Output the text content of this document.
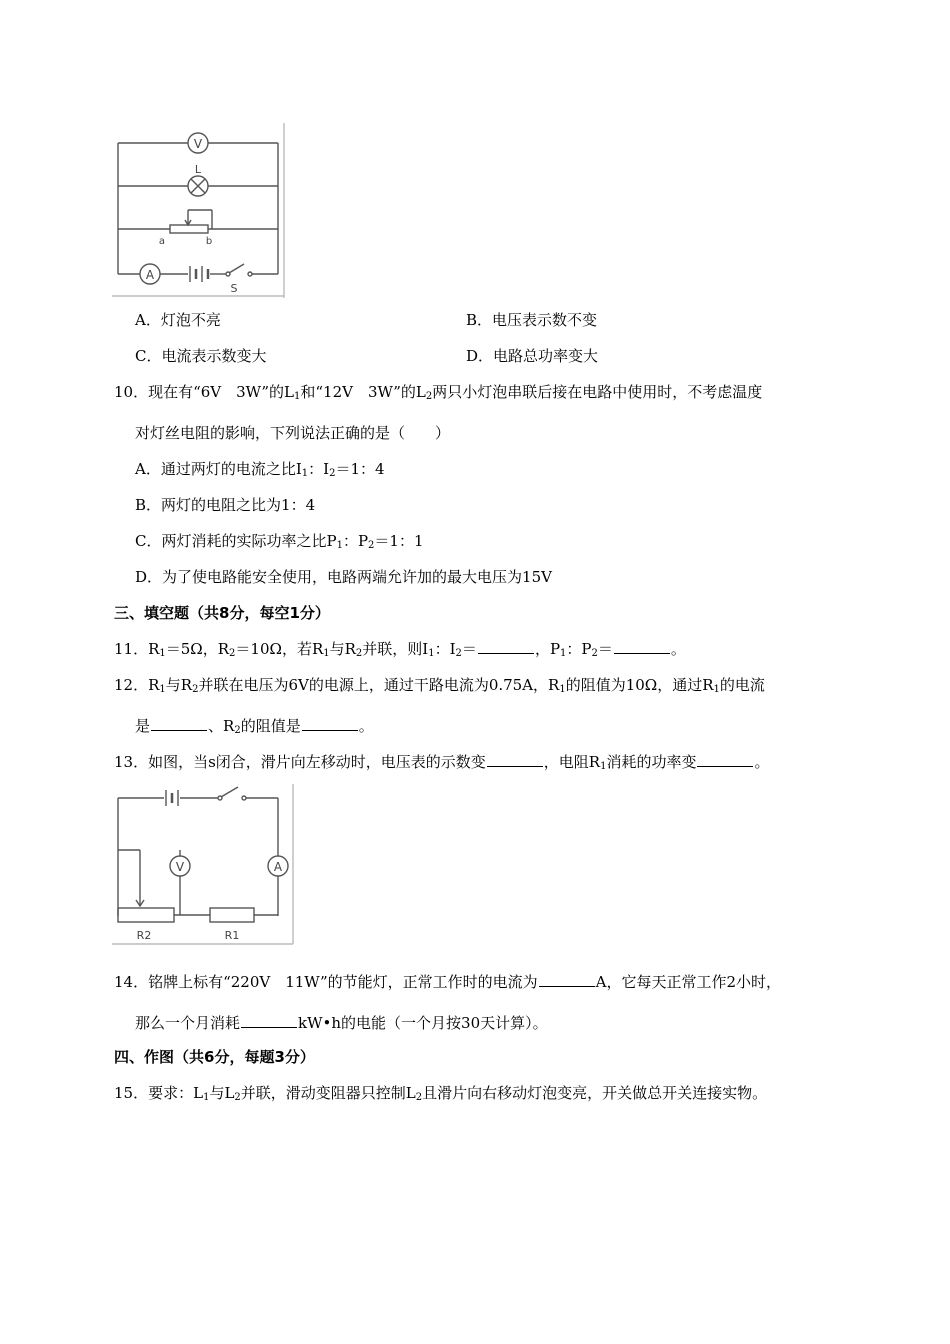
V
L
a	b
A
S
A．灯泡不亮	B．电压表示数不变
C．电流表示数变大	D．电路总功率变大
10．现在有“6V　3W”的$L_1$和“12V　3W”的$L_2$两只小灯泡串联后接在电路中使用时，不考虑温度
对灯丝电阻的影响，下列说法正确的是（　　）
A．通过两灯的电流之比$I_1$：$I_2=1$：4
B．两灯的电阻之比为1：4
C．两灯消耗的实际功率之比$P_1$：$P_2=1$：1
D．为了使电路能安全使用，电路两端允许加的最大电压为15V
三、填空题（共8分，每空1分）
11．$R_1=5\Omega$，$R_2=10\Omega$，若$R_1$与$R_2$并联，则$I_1$：$I_2=$	，$P_1$：$P_2=$	。
12．$R_1$与$R_2$并联在电压为6V的电源上，通过干路电流为0.75A，$R_1$的阻值为10Ω，通过$R_1$的电流
是	、$R_2$的阻值是	。
13．如图，当s闭合，滑片向左移动时，电压表的示数变	，电阻$R_1$消耗的功率变	。
V	A
R2	R1
14．铭牌上标有“220V　11W”的节能灯，正常工作时的电流为	A，它每天正常工作2小时，
那么一个月消耗	kW•h的电能（一个月按30天计算）。
四、作图（共6分，每题3分）
15．要求：$L_1$与$L_2$并联，滑动变阻器只控制$L_2$且滑片向右移动灯泡变亮，开关做总开关连接实物。
